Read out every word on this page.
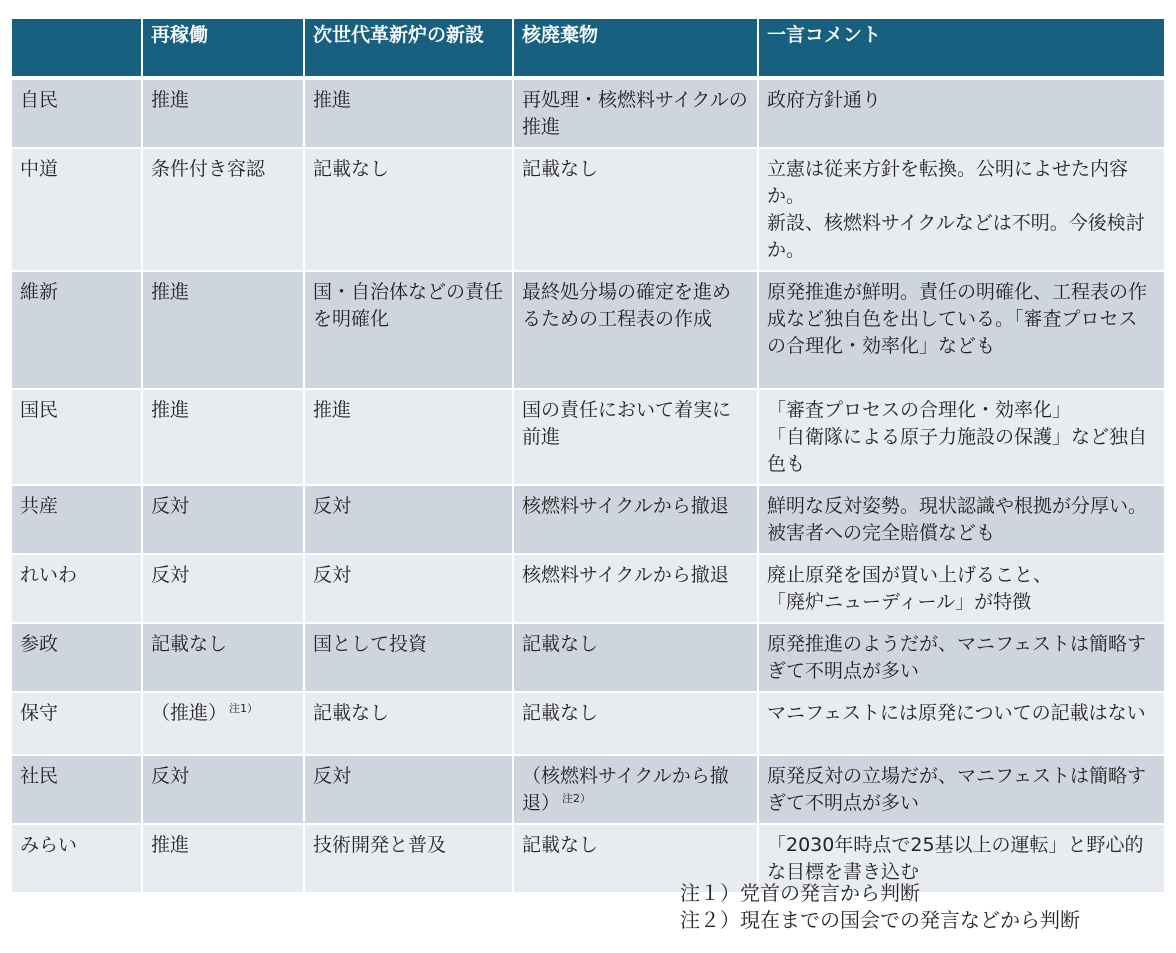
	再稼働	次世代革新炉の新設	核廃棄物	一言コメント
自民	推進	推進	再処理・核燃料サイクルの推進	政府方針通り

中道	条件付き容認	記載なし	記載なし	立憲は従来方針を転換。公明によせた内容か。
新設、核燃料サイクルなどは不明。今後検討か。

維新	推進	国・自治体などの責任を明確化	最終処分場の確定を進めるための工程表の作成	原発推進が鮮明。責任の明確化、工程表の作成など独自色を出している。「審査プロセスの合理化・効率化」なども

国民	推進	推進	国の責任において着実に前進	「審査プロセスの合理化・効率化」
「自衛隊による原子力施設の保護」など独自色も

共産	反対	反対	核燃料サイクルから撤退	鮮明な反対姿勢。現状認識や根拠が分厚い。被害者への完全賠償なども

れいわ	反対	反対	核燃料サイクルから撤退	廃止原発を国が買い上げること、
「廃炉ニューディール」が特徴

参政	記載なし	国として投資	記載なし	原発推進のようだが、マニフェストは簡略すぎて不明点が多い

保守	（推進） $^{注1)}$	記載なし	記載なし	マニフェストには原発についての記載はない

社民	反対	反対	（核燃料サイクルから撤退） $^{注2)}$	原発反対の立場だが、マニフェストは簡略すぎて不明点が多い

みらい	推進	技術開発と普及	記載なし	「2030年時点で25基以上の運転」と野心的な目標を書き込む
注１）党首の発言から判断
注２）現在までの国会での発言などから判断
